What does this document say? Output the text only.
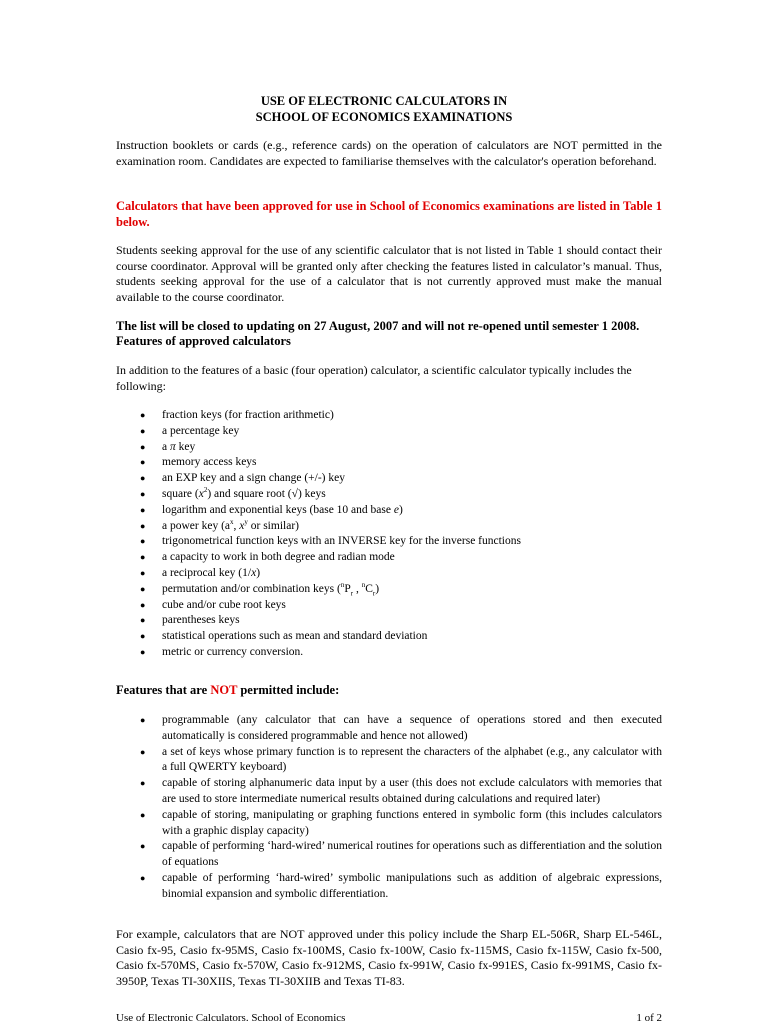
USE OF ELECTRONIC CALCULATORS IN
SCHOOL OF ECONOMICS EXAMINATIONS
Instruction booklets or cards (e.g., reference cards) on the operation of calculators are NOT permitted in the examination room. Candidates are expected to familiarise themselves with the calculator's operation beforehand.
Calculators that have been approved for use in School of Economics examinations are listed in Table 1 below.
Students seeking approval for the use of any scientific calculator that is not listed in Table 1 should contact their course coordinator. Approval will be granted only after checking the features listed in calculator’s manual. Thus, students seeking approval for the use of a calculator that is not currently approved must make the manual available to the course coordinator.
The list will be closed to updating on 27 August, 2007 and will not re-opened until semester 1 2008.
Features of approved calculators
In addition to the features of a basic (four operation) calculator, a scientific calculator typically includes the following:
● fraction keys (for fraction arithmetic)
● a percentage key
● a π key
● memory access keys
● an EXP key and a sign change (+/-) key
● square $(x^2)$ and square root (√) keys
● logarithm and exponential keys (base 10 and base e)
● a power key ($a^x$, $x^y$ or similar)
● trigonometrical function keys with an INVERSE key for the inverse functions
● a capacity to work in both degree and radian mode
● a reciprocal key (1/x)
● permutation and/or combination keys ($^nP_r$ , $^nC_r$)
● cube and/or cube root keys
● parentheses keys
● statistical operations such as mean and standard deviation
● metric or currency conversion.
Features that are NOT permitted include:
● programmable (any calculator that can have a sequence of operations stored and then executed automatically is considered programmable and hence not allowed)
● a set of keys whose primary function is to represent the characters of the alphabet (e.g., any calculator with a full QWERTY keyboard)
● capable of storing alphanumeric data input by a user (this does not exclude calculators with memories that are used to store intermediate numerical results obtained during calculations and required later)
● capable of storing, manipulating or graphing functions entered in symbolic form (this includes calculators with a graphic display capacity)
● capable of performing ‘hard-wired’ numerical routines for operations such as differentiation and the solution of equations
● capable of performing ‘hard-wired’ symbolic manipulations such as addition of algebraic expressions, binomial expansion and symbolic differentiation.
For example, calculators that are NOT approved under this policy include the Sharp EL-506R, Sharp EL-546L, Casio fx-95, Casio fx-95MS, Casio fx-100MS, Casio fx-100W, Casio fx-115MS, Casio fx-115W, Casio fx-500, Casio fx-570MS, Casio fx-570W, Casio fx-912MS, Casio fx-991W, Casio fx-991ES, Casio fx-991MS, Casio fx-3950P, Texas TI-30XIIS, Texas TI-30XIIB and Texas TI-83.
Use of Electronic Calculators. School of Economics	1 of 2
